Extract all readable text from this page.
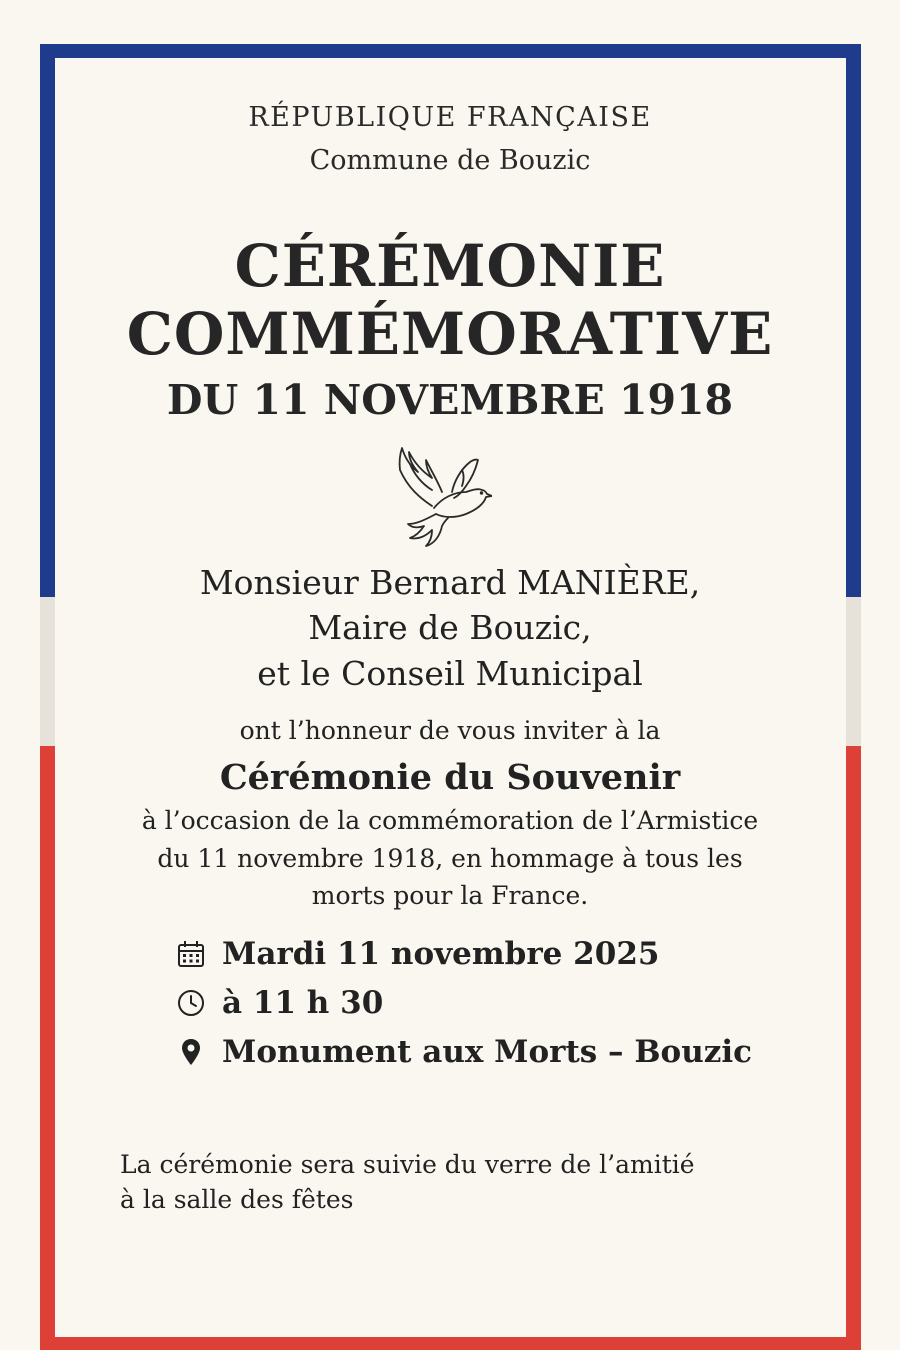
RÉPUBLIQUE FRANÇAISE
Commune de Bouzic
CÉRÉMONIE
COMMÉMORATIVE
DU 11 NOVEMBRE 1918
Monsieur Bernard MANIÈRE,
Maire de Bouzic,
et le Conseil Municipal
ont l’honneur de vous inviter à la
Cérémonie du Souvenir
à l’occasion de la commémoration de l’Armistice
du 11 novembre 1918, en hommage à tous les
morts pour la France.
Mardi 11 novembre 2025
à 11 h 30
Monument aux Morts – Bouzic
La cérémonie sera suivie du verre de l’amitié
à la salle des fêtes
